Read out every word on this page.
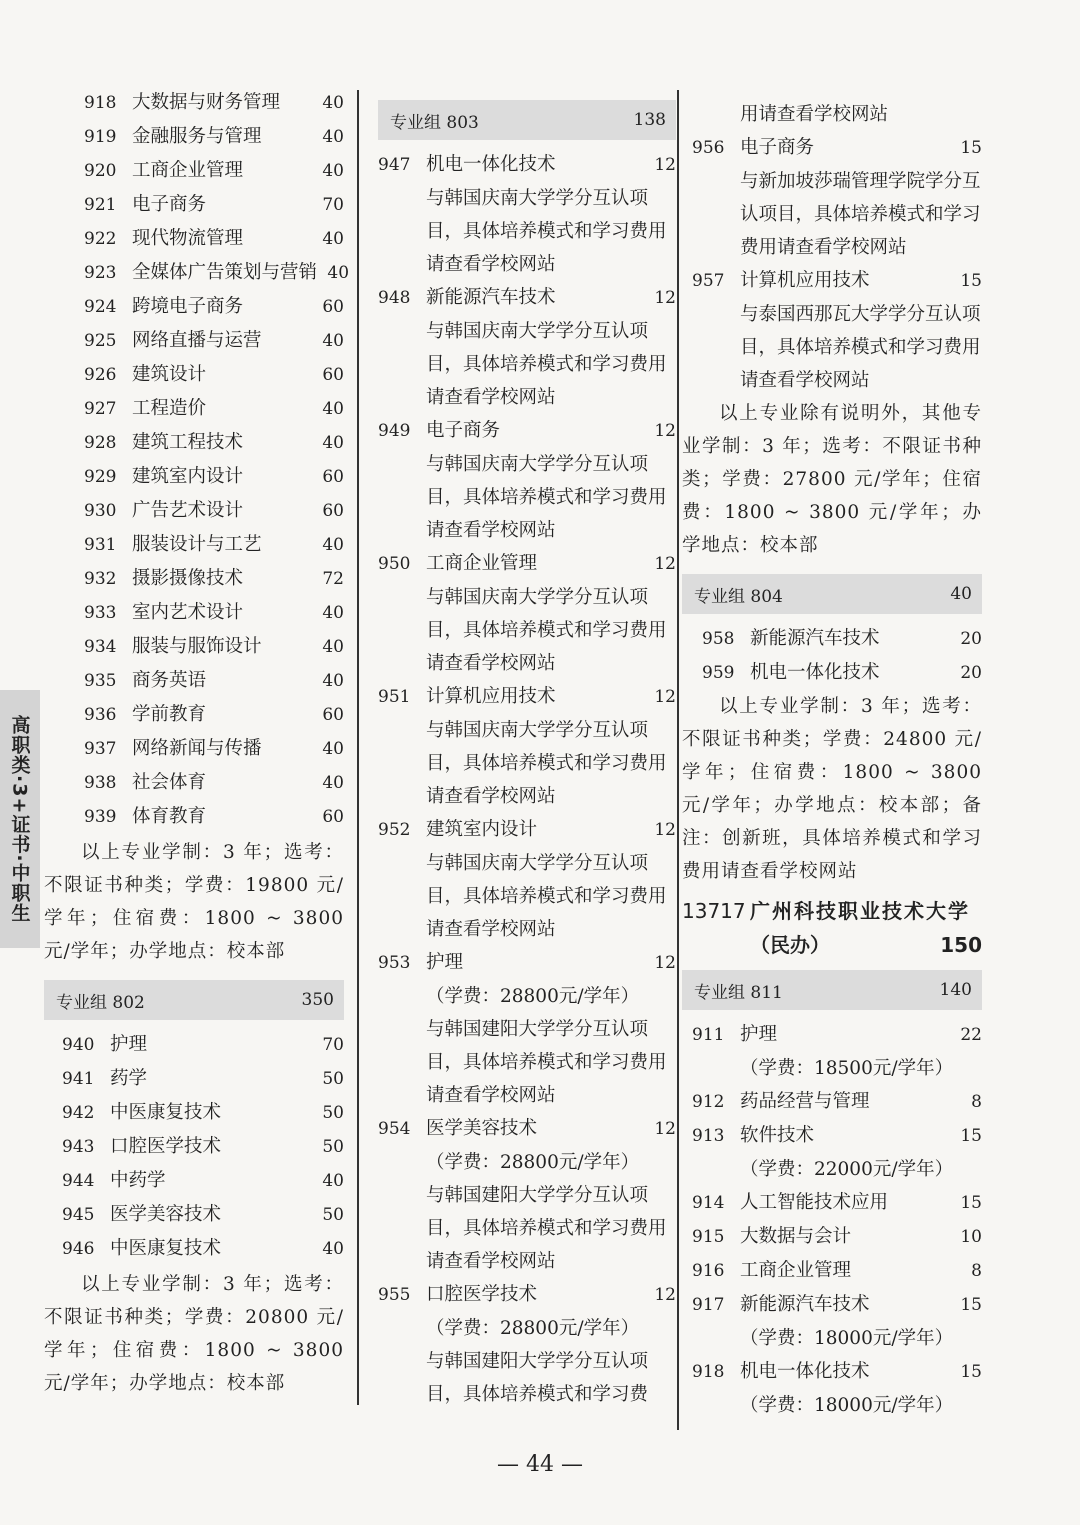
高职类·3+证书·中职生
918 大数据与财务管理	40
919 金融服务与管理	40
920 工商企业管理	40
921 电子商务	70
922 现代物流管理	40
923 全媒体广告策划与营销 40
924 跨境电子商务	60
925 网络直播与运营	40
926 建筑设计	60
927 工程造价	40
928 建筑工程技术	40
929 建筑室内设计	60
930 广告艺术设计	60
931 服装设计与工艺	40
932 摄影摄像技术	72
933 室内艺术设计	40
934 服装与服饰设计	40
935 商务英语	40
936 学前教育	60
937 网络新闻与传播	40
938 社会体育	40
939 体育教育	60
以上专业学制：3 年；选考：不限证书种类；学费：19800 元/学年；住宿费：1800 ~ 3800 元/学年；办学地点：校本部
专业组 802	350
940 护理	70
941 药学	50
942 中医康复技术	50
943 口腔医学技术	50
944 中药学	40
945 医学美容技术	50
946 中医康复技术	40
以上专业学制：3 年；选考：不限证书种类；学费：20800 元/学年；住宿费：1800 ~ 3800 元/学年；办学地点：校本部
专业组 803	138
947 机电一体化技术	12
与韩国庆南大学学分互认项目，具体培养模式和学习费用请查看学校网站
948 新能源汽车技术	12
与韩国庆南大学学分互认项目，具体培养模式和学习费用请查看学校网站
949 电子商务	12
与韩国庆南大学学分互认项目，具体培养模式和学习费用请查看学校网站
950 工商企业管理	12
与韩国庆南大学学分互认项目，具体培养模式和学习费用请查看学校网站
951 计算机应用技术	12
与韩国庆南大学学分互认项目，具体培养模式和学习费用请查看学校网站
952 建筑室内设计	12
与韩国庆南大学学分互认项目，具体培养模式和学习费用请查看学校网站
953 护理	12
（学费：28800元/学年）
与韩国建阳大学学分互认项目，具体培养模式和学习费用请查看学校网站
954 医学美容技术	12
（学费：28800元/学年）
与韩国建阳大学学分互认项目，具体培养模式和学习费用请查看学校网站
955 口腔医学技术	12
（学费：28800元/学年）
与韩国建阳大学学分互认项目，具体培养模式和学习费
用请查看学校网站
956 电子商务	15
与新加坡莎瑞管理学院学分互认项目，具体培养模式和学习费用请查看学校网站
957 计算机应用技术	15
与泰国西那瓦大学学分互认项目，具体培养模式和学习费用请查看学校网站
以上专业除有说明外，其他专业学制：3 年；选考：不限证书种类；学费：27800 元/学年；住宿费：1800 ~ 3800 元/学年；办学地点：校本部
专业组 804	40
958 新能源汽车技术	20
959 机电一体化技术	20
以上专业学制：3 年；选考：不限证书种类；学费：24800 元/学年；住宿费：1800 ~ 3800 元/学年；办学地点：校本部；备注：创新班，具体培养模式和学习费用请查看学校网站
13717 广州科技职业技术大学
（民办）	150
专业组 811	140
911 护理	22
（学费：18500元/学年）
912 药品经营与管理	8
913 软件技术	15
（学费：22000元/学年）
914 人工智能技术应用	15
915 大数据与会计	10
916 工商企业管理	8
917 新能源汽车技术	15
（学费：18000元/学年）
918 机电一体化技术	15
（学费：18000元/学年）
— 44 —
